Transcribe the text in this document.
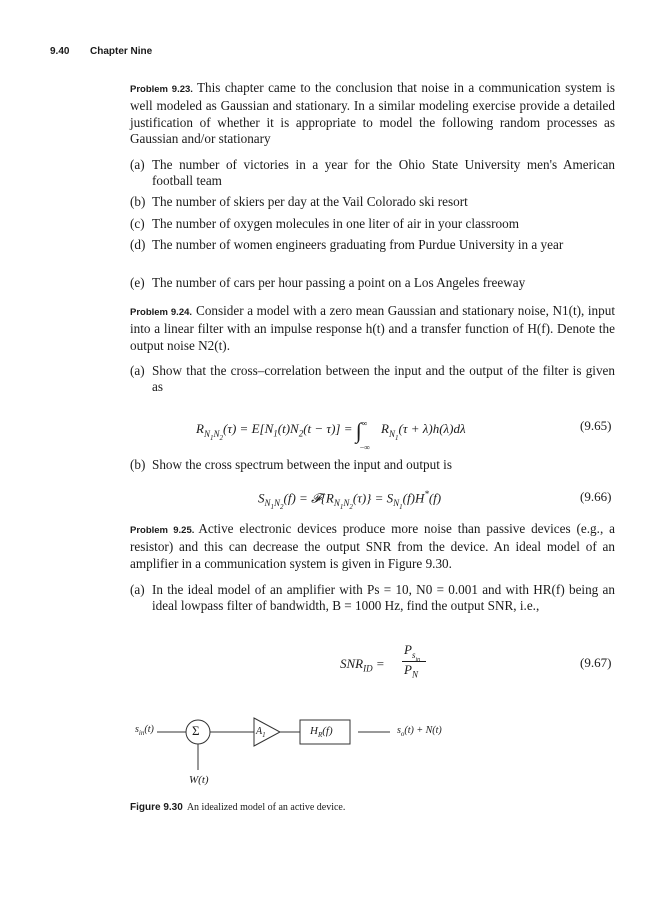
9.40 Chapter Nine
Problem 9.23. This chapter came to the conclusion that noise in a communication system is well modeled as Gaussian and stationary. In a similar modeling exercise provide a detailed justification of whether it is appropriate to model the following random processes as Gaussian and/or stationary
(a) The number of victories in a year for the Ohio State University men's American football team
(b) The number of skiers per day at the Vail Colorado ski resort
(c) The number of oxygen molecules in one liter of air in your classroom
(d) The number of women engineers graduating from Purdue University in a year
(e) The number of cars per hour passing a point on a Los Angeles freeway
Problem 9.24. Consider a model with a zero mean Gaussian and stationary noise, N1(t), input into a linear filter with an impulse response h(t) and a transfer function of H(f). Denote the output noise N2(t).
(a) Show that the cross–correlation between the input and the output of the filter is given as
$R_{N_1N_2}(\tau) = E[N_1(t)N_2(t - \tau)]$ = ∫ ∞
−∞
$R_{N_1}(\tau + \lambda)h(\lambda)d\lambda$	(9.65)
(b) Show the cross spectrum between the input and output is
$S_{N_1N_2}(f)$ = $𝓕\{R_{N_1N_2}(\tau)\} = S_{N_1}(f)H^*(f)$	(9.66)
Problem 9.25. Active electronic devices produce more noise than passive devices (e.g., a resistor) and this can decrease the output SNR from the device. An ideal model of an amplifier in a communication system is given in Figure 9.30.
(a) In the ideal model of an amplifier with Ps = 10, N0 = 0.001 and with HR(f) being an ideal lowpass filter of bandwidth, B = 1000 Hz, find the output SNR, i.e.,
$SNR_{ID}$ =
$P_{s_{in}}$
$P_N$
(9.67)
$s_{in}(t)$	Σ	$A_1$	$H_R(f)$	$s_o(t) + N(t)$
W(t)
Figure 9.30 An idealized model of an active device.
